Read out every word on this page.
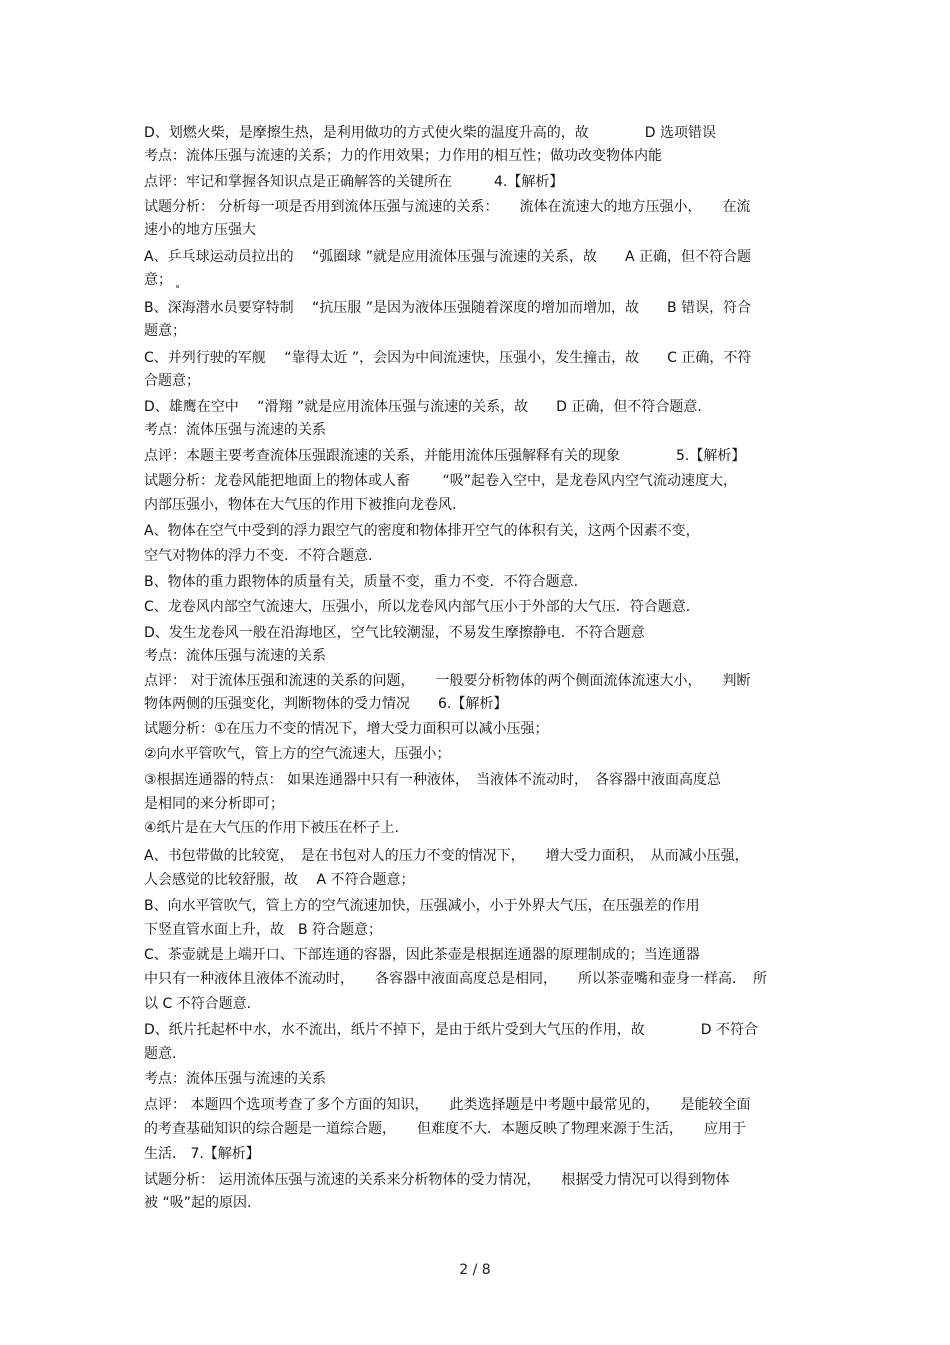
D、划燃火柴，是摩擦生热，是利用做功的方式使火柴的温度升高的，故　　　　D 选项错误
考点：流体压强与流速的关系；力的作用效果；力作用的相互性；做功改变物体内能
点评：牢记和掌握各知识点是正确解答的关键所在　　　4.【解析】
试题分析： 分析每一项是否用到流体压强与流速的关系：　　流体在流速大的地方压强小，　　在流
速小的地方压强大
A、乒乓球运动员拉出的　 “弧圈球 ”就是应用流体压强与流速的关系，故　　A 正确，但不符合题
意；
B、深海潜水员要穿特制　 “抗压服 ”是因为液体压强随着深度的增加而增加，故　　B 错误，符合
题意；
C、并列行驶的军舰　 “靠得太近 ”，会因为中间流速快，压强小，发生撞击，故　　C 正确，不符
合题意；
D、雄鹰在空中　 “滑翔 ”就是应用流体压强与流速的关系，故　　D 正确，但不符合题意.
考点：流体压强与流速的关系
点评：本题主要考查流体压强跟流速的关系，并能用流体压强解释有关的现象　　　　5.【解析】
试题分析：龙卷风能把地面上的物体或人畜　　 “吸”起卷入空中，是龙卷风内空气流动速度大，
内部压强小，物体在大气压的作用下被推向龙卷风.
A、物体在空气中受到的浮力跟空气的密度和物体排开空气的体积有关，这两个因素不变，
空气对物体的浮力不变．不符合题意.
B、物体的重力跟物体的质量有关，质量不变，重力不变．不符合题意.
C、龙卷风内部空气流速大，压强小，所以龙卷风内部气压小于外部的大气压．符合题意.
D、发生龙卷风一般在沿海地区，空气比较潮湿，不易发生摩擦静电．不符合题意
考点：流体压强与流速的关系
点评： 对于流体压强和流速的关系的问题，　　一般要分析物体的两个侧面流体流速大小，　　判断
物体两侧的压强变化，判断物体的受力情况　　6.【解析】
试题分析：①在压力不变的情况下，增大受力面积可以减小压强；
②向水平管吹气，管上方的空气流速大，压强小；
③根据连通器的特点： 如果连通器中只有一种液体，　当液体不流动时，　各容器中液面高度总
是相同的来分析即可；
④纸片是在大气压的作用下被压在杯子上.
A、书包带做的比较宽，　是在书包对人的压力不变的情况下，　　增大受力面积，　从而减小压强，
人会感觉的比较舒服，故　 A 不符合题意；
B、向水平管吹气，管上方的空气流速加快，压强减小，小于外界大气压，在压强差的作用
下竖直管水面上升，故　B 符合题意；
C、茶壶就是上端开口、下部连通的容器，因此茶壶是根据连通器的原理制成的；当连通器
中只有一种液体且液体不流动时，　　各容器中液面高度总是相同，　　所以茶壶嘴和壶身一样高．　所
以 C 不符合题意.
D、纸片托起杯中水，水不流出，纸片不掉下，是由于纸片受到大气压的作用，故　　　　D 不符合
题意.
考点：流体压强与流速的关系
点评： 本题四个选项考查了多个方面的知识，　　此类选择题是中考题中最常见的，　　是能较全面
的考查基础知识的综合题是一道综合题，　　但难度不大．本题反映了物理来源于生活，　　应用于
生活． 7.【解析】
试题分析： 运用流体压强与流速的关系来分析物体的受力情况，　　根据受力情况可以得到物体
被 “吸”起的原因.
2 / 8
